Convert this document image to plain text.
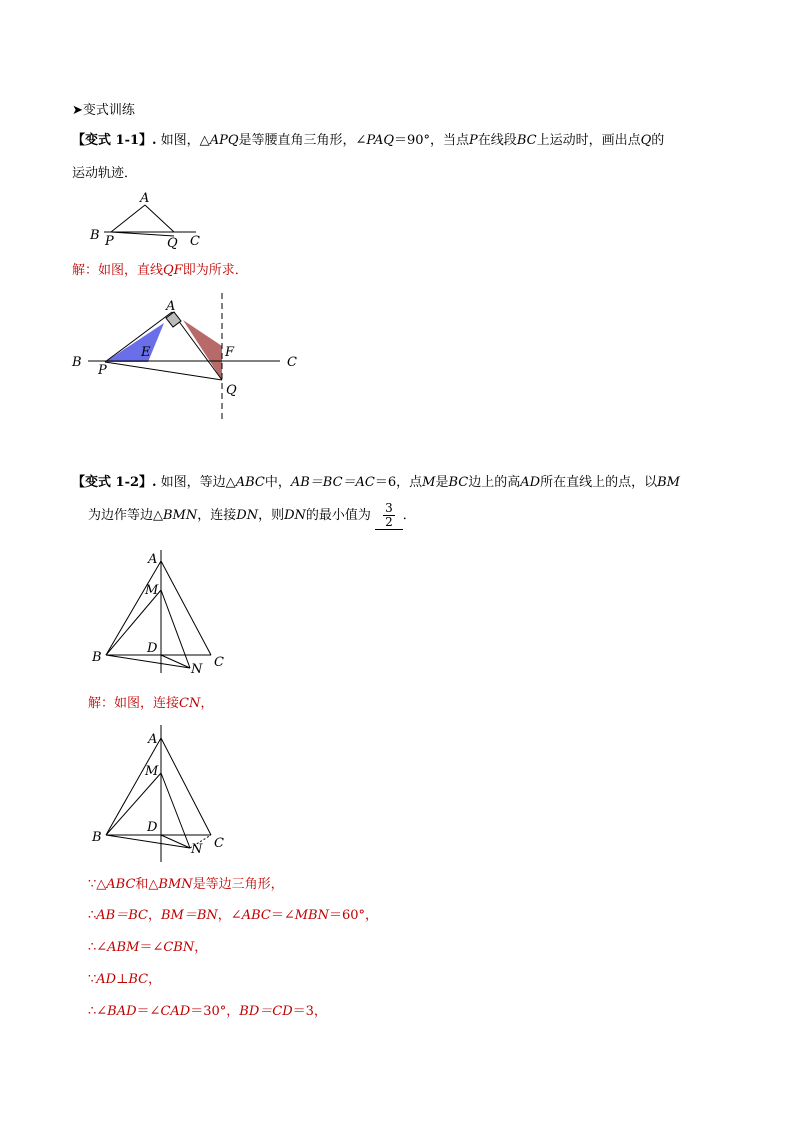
➤变式训练
【变式 1-1】. 如图，△APQ是等腰直角三角形，∠PAQ＝90°，当点P在线段BC上运动时，画出点Q的
运动轨迹．
A
B P	Q C
解：如图，直线QF即为所求．
A
B
E	F
C
P
Q
【变式 1-2】. 如图，等边△ABC中，AB＝BC＝AC＝6，点M是BC边上的高AD所在直线上的点，以BM
为边作等边△BMN，连接DN，则DN的最小值为 $\frac{3}{2}$ ．
A
M
B
D
N C
解：如图，连接CN，
A
M
B
D
N C
∵△ABC和△BMN是等边三角形，
∴AB＝BC，BM＝BN，∠ABC＝∠MBN＝60°，
∴∠ABM＝∠CBN，
∵AD⊥BC，
∴∠BAD＝∠CAD＝30°，BD＝CD＝3，
